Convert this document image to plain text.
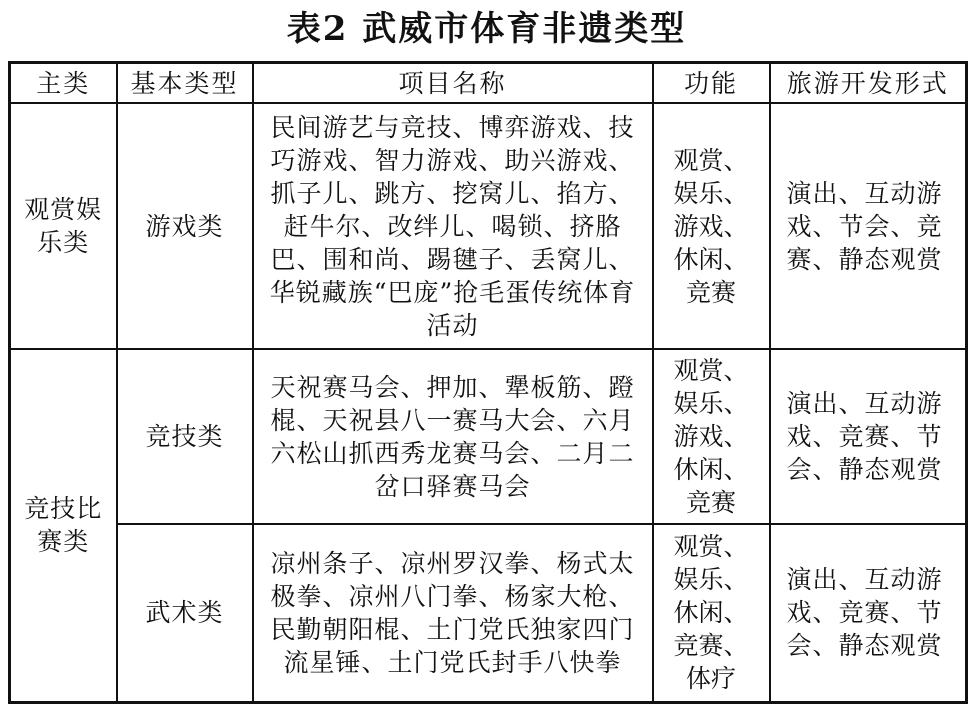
表2 武威市体育非遗类型
主类	基本类型	项目名称	功能	旅游开发形式
观赏娱乐类	游戏类	民间游艺与竞技、博弈游戏、技巧游戏、智力游戏、助兴游戏、抓子儿、跳方、挖窝儿、掐方、赶牛尔、改绊儿、喝锁、挤胳巴、围和尚、踢毽子、丢窝儿、华锐藏族“巴庞”抢毛蛋传统体育活动	观赏、娱乐、游戏、休闲、竞赛	演出、互动游戏、节会、竞赛、静态观赏
竞技比赛类	竞技类	天祝赛马会、押加、犟板筋、蹬棍、天祝县八一赛马大会、六月六松山抓西秀龙赛马会、二月二岔口驿赛马会	观赏、娱乐、游戏、休闲、竞赛	演出、互动游戏、竞赛、节会、静态观赏
	武术类	凉州条子、凉州罗汉拳、杨式太极拳、凉州八门拳、杨家大枪、民勤朝阳棍、土门党氏独家四门流星锤、土门党氏封手八快拳	观赏、娱乐、休闲、竞赛、体疗	演出、互动游戏、竞赛、节会、静态观赏
